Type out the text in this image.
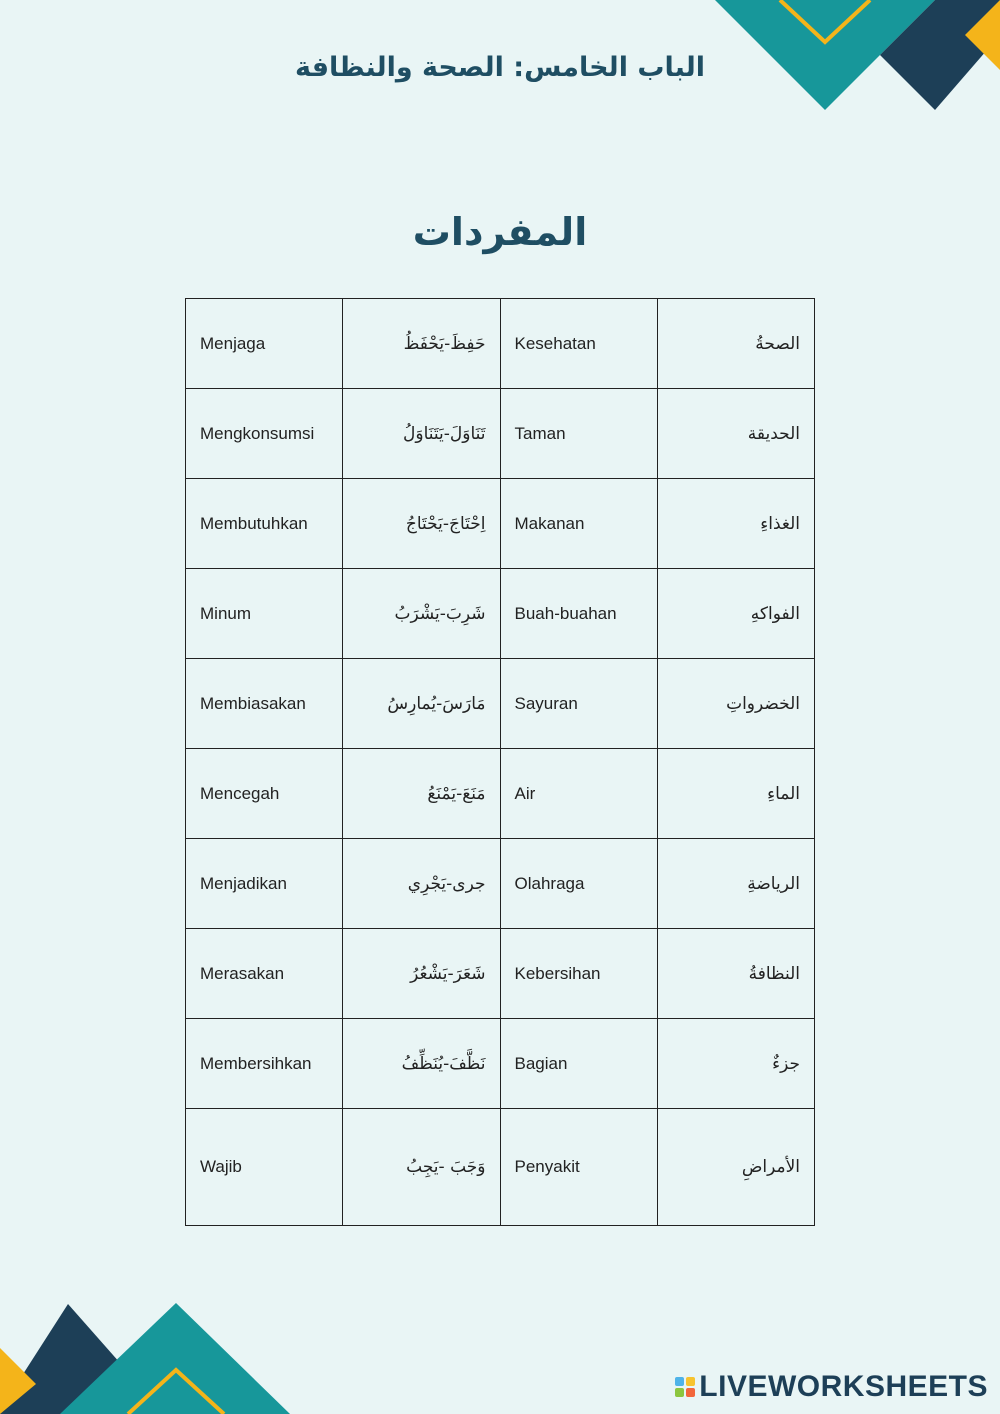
الباب الخامس: الصحة والنظافة
المفردات
Menjaga	حَفِظَ-يَحْفَظُ	Kesehatan	الصحةُ
Mengkonsumsi	تَنَاوَلَ-يَتَنَاوَلُ	Taman	الحديقة
Membutuhkan	اِحْتَاجَ-يَحْتَاجُ	Makanan	الغذاءِ
Minum	شَرِبَ-يَشْرَبُ	Buah-buahan	الفواكهِ
Membiasakan	مَارَسَ-يُمارِسُ	Sayuran	الخضرواتِ
Mencegah	مَنَعَ-يَمْنَعُ	Air	الماءِ
Menjadikan	جرى-يَجْرِي	Olahraga	الرياضةِ
Merasakan	شَعَرَ-يَشْعُرُ	Kebersihan	النظافةُ
Membersihkan	نَظَّفَ-يُنَظِّفُ	Bagian	جزءٌ
Wajib	وَجَبَ -يَجِبُ	Penyakit	الأمراضِ
LIVEWORKSHEETS
